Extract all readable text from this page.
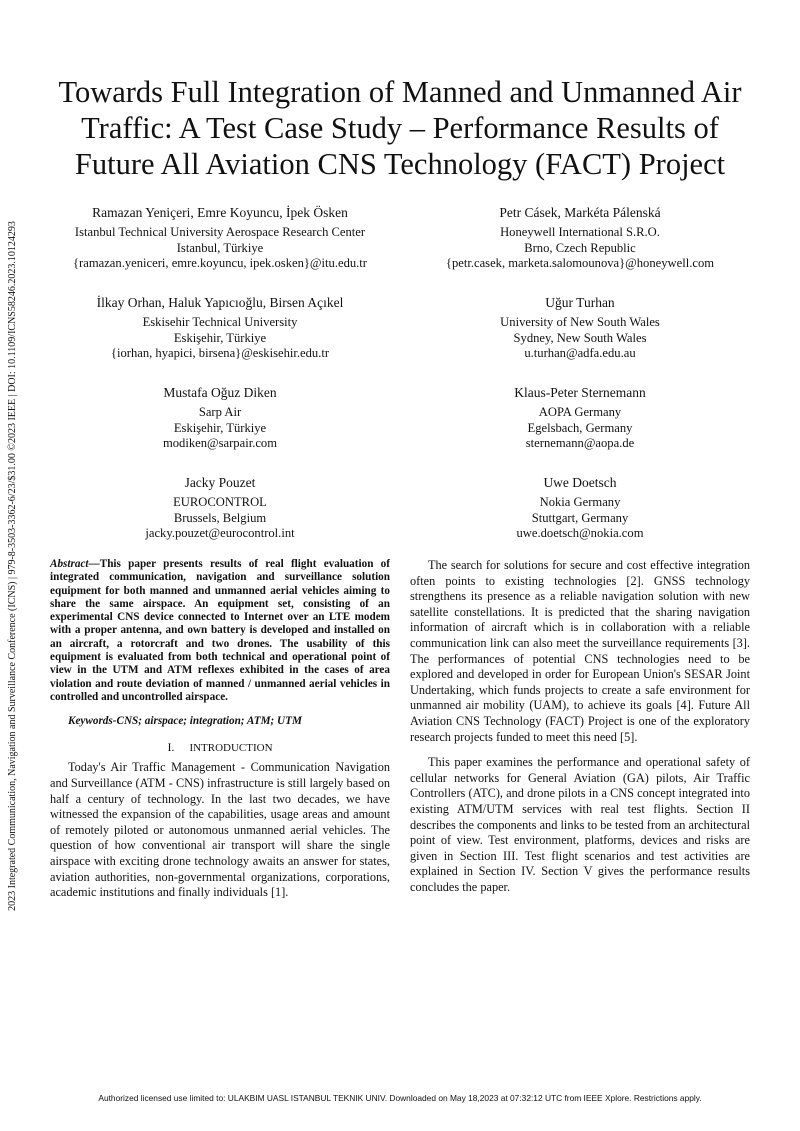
2023 Integrated Communication, Navigation and Surveillance Conference (ICNS) | 979-8-3503-3362-6/23/$31.00 ©2023 IEEE | DOI: 10.1109/ICNS58246.2023.10124293
Towards Full Integration of Manned and Unmanned Air
Traffic: A Test Case Study – Performance Results of
Future All Aviation CNS Technology (FACT) Project
Ramazan Yeniçeri, Emre Koyuncu, İpek Ösken
Istanbul Technical University Aerospace Research Center
Istanbul, Türkiye
{ramazan.yeniceri, emre.koyuncu, ipek.osken}@itu.edu.tr
İlkay Orhan, Haluk Yapıcıoğlu, Birsen Açıkel
Eskisehir Technical University
Eskişehir, Türkiye
{iorhan, hyapici, birsena}@eskisehir.edu.tr
Mustafa Oğuz Diken
Sarp Air
Eskişehir, Türkiye
modiken@sarpair.com
Jacky Pouzet
EUROCONTROL
Brussels, Belgium
jacky.pouzet@eurocontrol.int
Petr Cásek, Markéta Pálenská
Honeywell International S.R.O.
Brno, Czech Republic
{petr.casek, marketa.salomounova}@honeywell.com
Uğur Turhan
University of New South Wales
Sydney, New South Wales
u.turhan@adfa.edu.au
Klaus-Peter Sternemann
AOPA Germany
Egelsbach, Germany
sternemann@aopa.de
Uwe Doetsch
Nokia Germany
Stuttgart, Germany
uwe.doetsch@nokia.com
Abstract—This paper presents results of real flight evaluation of integrated communication, navigation and surveillance solution equipment for both manned and unmanned aerial vehicles aiming to share the same airspace. An equipment set, consisting of an experimental CNS device connected to Internet over an LTE modem with a proper antenna, and own battery is developed and installed on an aircraft, a rotorcraft and two drones. The usability of this equipment is evaluated from both technical and operational point of view in the UTM and ATM reflexes exhibited in the cases of area violation and route deviation of manned / unmanned aerial vehicles in controlled and uncontrolled airspace.
Keywords-CNS; airspace; integration; ATM; UTM
I. INTRODUCTION

Today's Air Traffic Management - Communication Navigation and Surveillance (ATM - CNS) infrastructure is still largely based on half a century of technology. In the last two decades, we have witnessed the expansion of the capabilities, usage areas and amount of remotely piloted or autonomous unmanned aerial vehicles. The question of how conventional air transport will share the single airspace with exciting drone technology awaits an answer for states, aviation authorities, non-governmental organizations, corporations, academic institutions and finally individuals [1].

The search for solutions for secure and cost effective integration often points to existing technologies [2]. GNSS technology strengthens its presence as a reliable navigation solution with new satellite constellations. It is predicted that the sharing navigation information of aircraft which is in collaboration with a reliable communication link can also meet the surveillance requirements [3]. The performances of potential CNS technologies need to be explored and developed in order for European Union's SESAR Joint Undertaking, which funds projects to create a safe environment for unmanned air mobility (UAM), to achieve its goals [4]. Future All Aviation CNS Technology (FACT) Project is one of the exploratory research projects funded to meet this need [5].

This paper examines the performance and operational safety of cellular networks for General Aviation (GA) pilots, Air Traffic Controllers (ATC), and drone pilots in a CNS concept integrated into existing ATM/UTM services with real test flights. Section II describes the components and links to be tested from an architectural point of view. Test environment, platforms, devices and risks are given in Section III. Test flight scenarios and test activities are explained in Section IV. Section V gives the performance results concludes the paper.

Authorized licensed use limited to: ULAKBIM UASL ISTANBUL TEKNIK UNIV. Downloaded on May 18,2023 at 07:32:12 UTC from IEEE Xplore. Restrictions apply.
